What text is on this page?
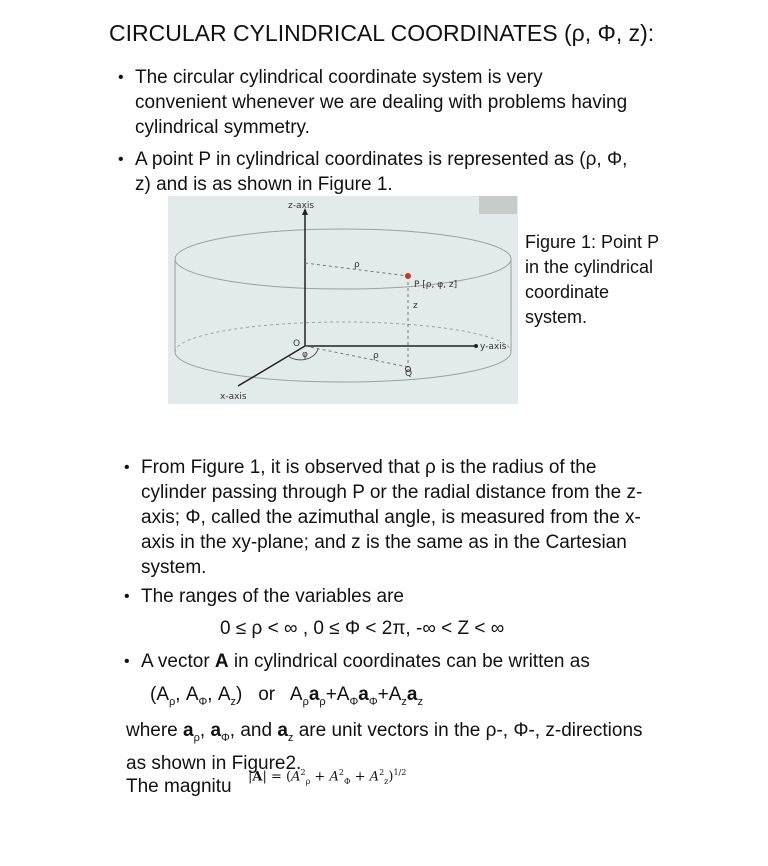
CIRCULAR CYLINDRICAL COORDINATES (ρ, Φ, z):
• The circular cylindrical coordinate system is very convenient whenever we are dealing with problems having cylindrical symmetry.
• A point P in cylindrical coordinates is represented as (ρ, Φ, z) and is as shown in Figure 1.
z-axis
x-axis
y-axis
P [ρ, φ, z]
ρ
ρ
z
φ
O
Q
Figure 1: Point P in the cylindrical coordinate system.
• From Figure 1, it is observed that ρ is the radius of the cylinder passing through P or the radial distance from the z-axis; Φ, called the azimuthal angle, is measured from the x-axis in the xy-plane; and z is the same as in the Cartesian system.
• The ranges of the variables are
0 ≤ ρ < ∞ , 0 ≤ Φ < 2π, -∞ < Z < ∞
• A vector A in cylindrical coordinates can be written as
($A_\rho$, $A_\Phi$, $A_z$) or $A_\rho a_\rho+A_\Phi a_\Phi+A_za_z$
where $a_\rho$, $a_\Phi$, and $a_z$ are unit vectors in the ρ-, Φ-, z-directions as shown in Figure2.
The magnitu $|A| = (A^2_\rho + A^2_\Phi + A^2_z)^{1/2}$
